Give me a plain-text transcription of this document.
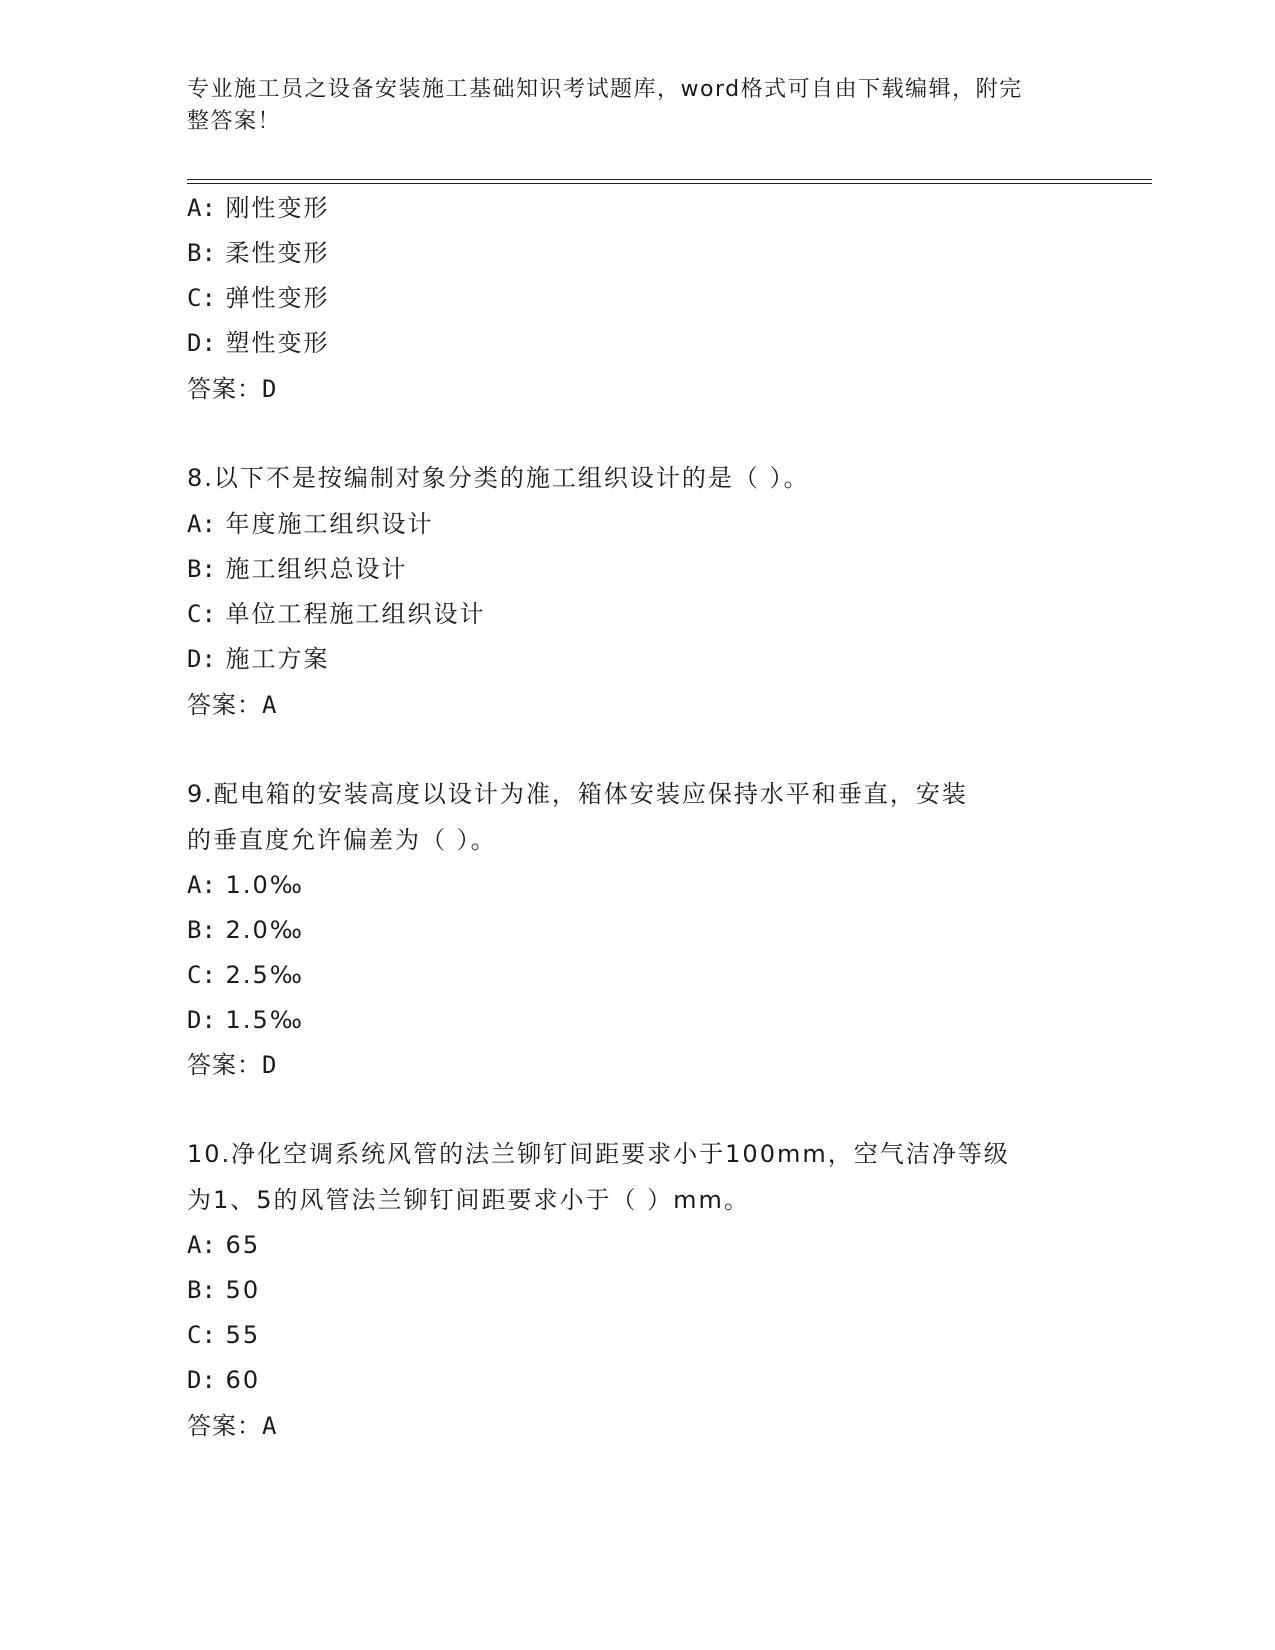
专业施工员之设备安装施工基础知识考试题库，word格式可自由下载编辑，附完
整答案！
A: 刚性变形
B: 柔性变形
C: 弹性变形
D: 塑性变形
答案：D
8.以下不是按编制对象分类的施工组织设计的是（ ）。
A: 年度施工组织设计
B: 施工组织总设计
C: 单位工程施工组织设计
D: 施工方案
答案：A
9.配电箱的安装高度以设计为准，箱体安装应保持水平和垂直，安装
的垂直度允许偏差为（ ）。
A: 1.0‰
B: 2.0‰
C: 2.5‰
D: 1.5‰
答案：D
10.净化空调系统风管的法兰铆钉间距要求小于100mm，空气洁净等级
为1、5的风管法兰铆钉间距要求小于（ ）mm。
A: 65
B: 50
C: 55
D: 60
答案：A
